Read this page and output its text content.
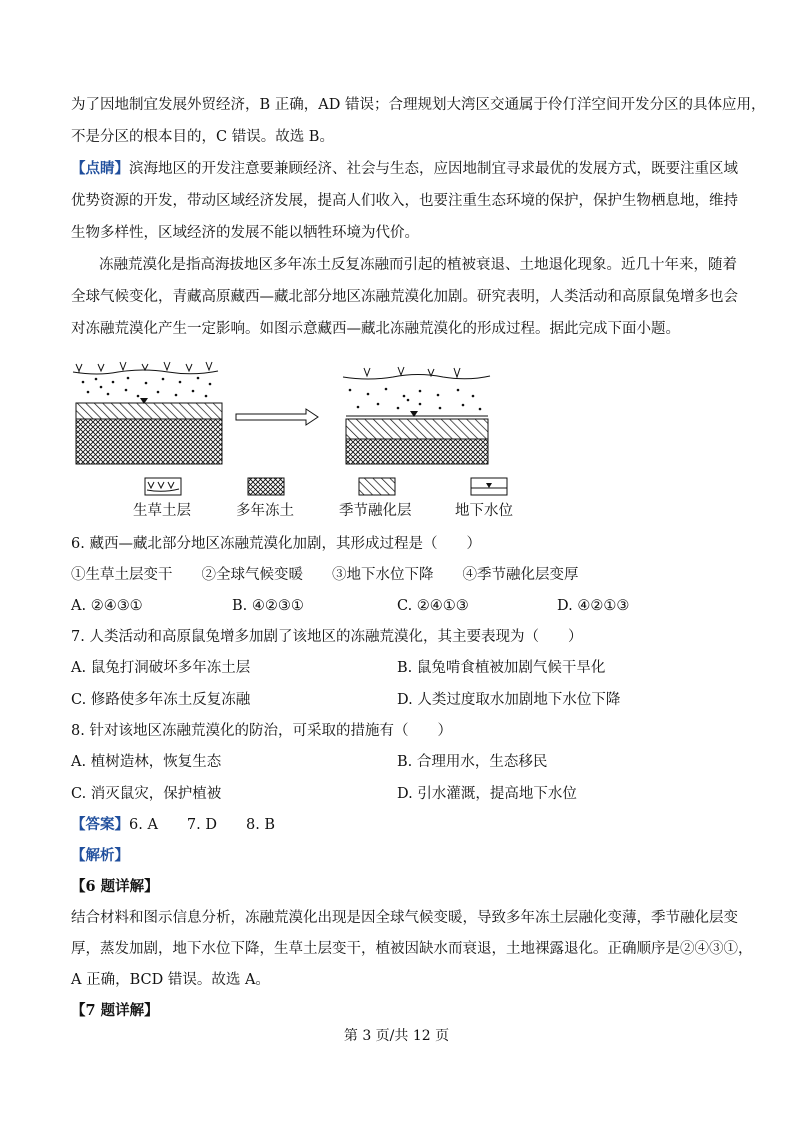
为了因地制宜发展外贸经济，B 正确，AD 错误；合理规划大湾区交通属于伶仃洋空间开发分区的具体应用，
不是分区的根本目的，C 错误。故选 B。
【点睛】滨海地区的开发注意要兼顾经济、社会与生态，应因地制宜寻求最优的发展方式，既要注重区域
优势资源的开发，带动区域经济发展，提高人们收入，也要注重生态环境的保护，保护生物栖息地，维持
生物多样性，区域经济的发展不能以牺牲环境为代价。
冻融荒漠化是指高海拔地区多年冻土反复冻融而引起的植被衰退、土地退化现象。近几十年来，随着
全球气候变化，青藏高原藏西—藏北部分地区冻融荒漠化加剧。研究表明，人类活动和高原鼠兔增多也会
对冻融荒漠化产生一定影响。如图示意藏西—藏北冻融荒漠化的形成过程。据此完成下面小题。
生草土层	多年冻土	季节融化层	地下水位
6. 藏西—藏北部分地区冻融荒漠化加剧，其形成过程是（　　）
①生草土层变干　　②全球气候变暖　　③地下水位下降　　④季节融化层变厚
A. ②④③①	B. ④②③①	C. ②④①③	D. ④②①③
7. 人类活动和高原鼠兔增多加剧了该地区的冻融荒漠化，其主要表现为（　　）
A. 鼠兔打洞破坏多年冻土层	B. 鼠兔啃食植被加剧气候干旱化
C. 修路使多年冻土反复冻融	D. 人类过度取水加剧地下水位下降
8. 针对该地区冻融荒漠化的防治，可采取的措施有（　　）
A. 植树造林，恢复生态	B. 合理用水，生态移民
C. 消灭鼠灾，保护植被	D. 引水灌溉，提高地下水位
【答案】6. A　　7. D　　8. B
【解析】
【6 题详解】
结合材料和图示信息分析，冻融荒漠化出现是因全球气候变暖，导致多年冻土层融化变薄，季节融化层变
厚，蒸发加剧，地下水位下降，生草土层变干，植被因缺水而衰退，土地裸露退化。正确顺序是②④③①，
A 正确，BCD 错误。故选 A。
【7 题详解】
第 3 页/共 12 页
